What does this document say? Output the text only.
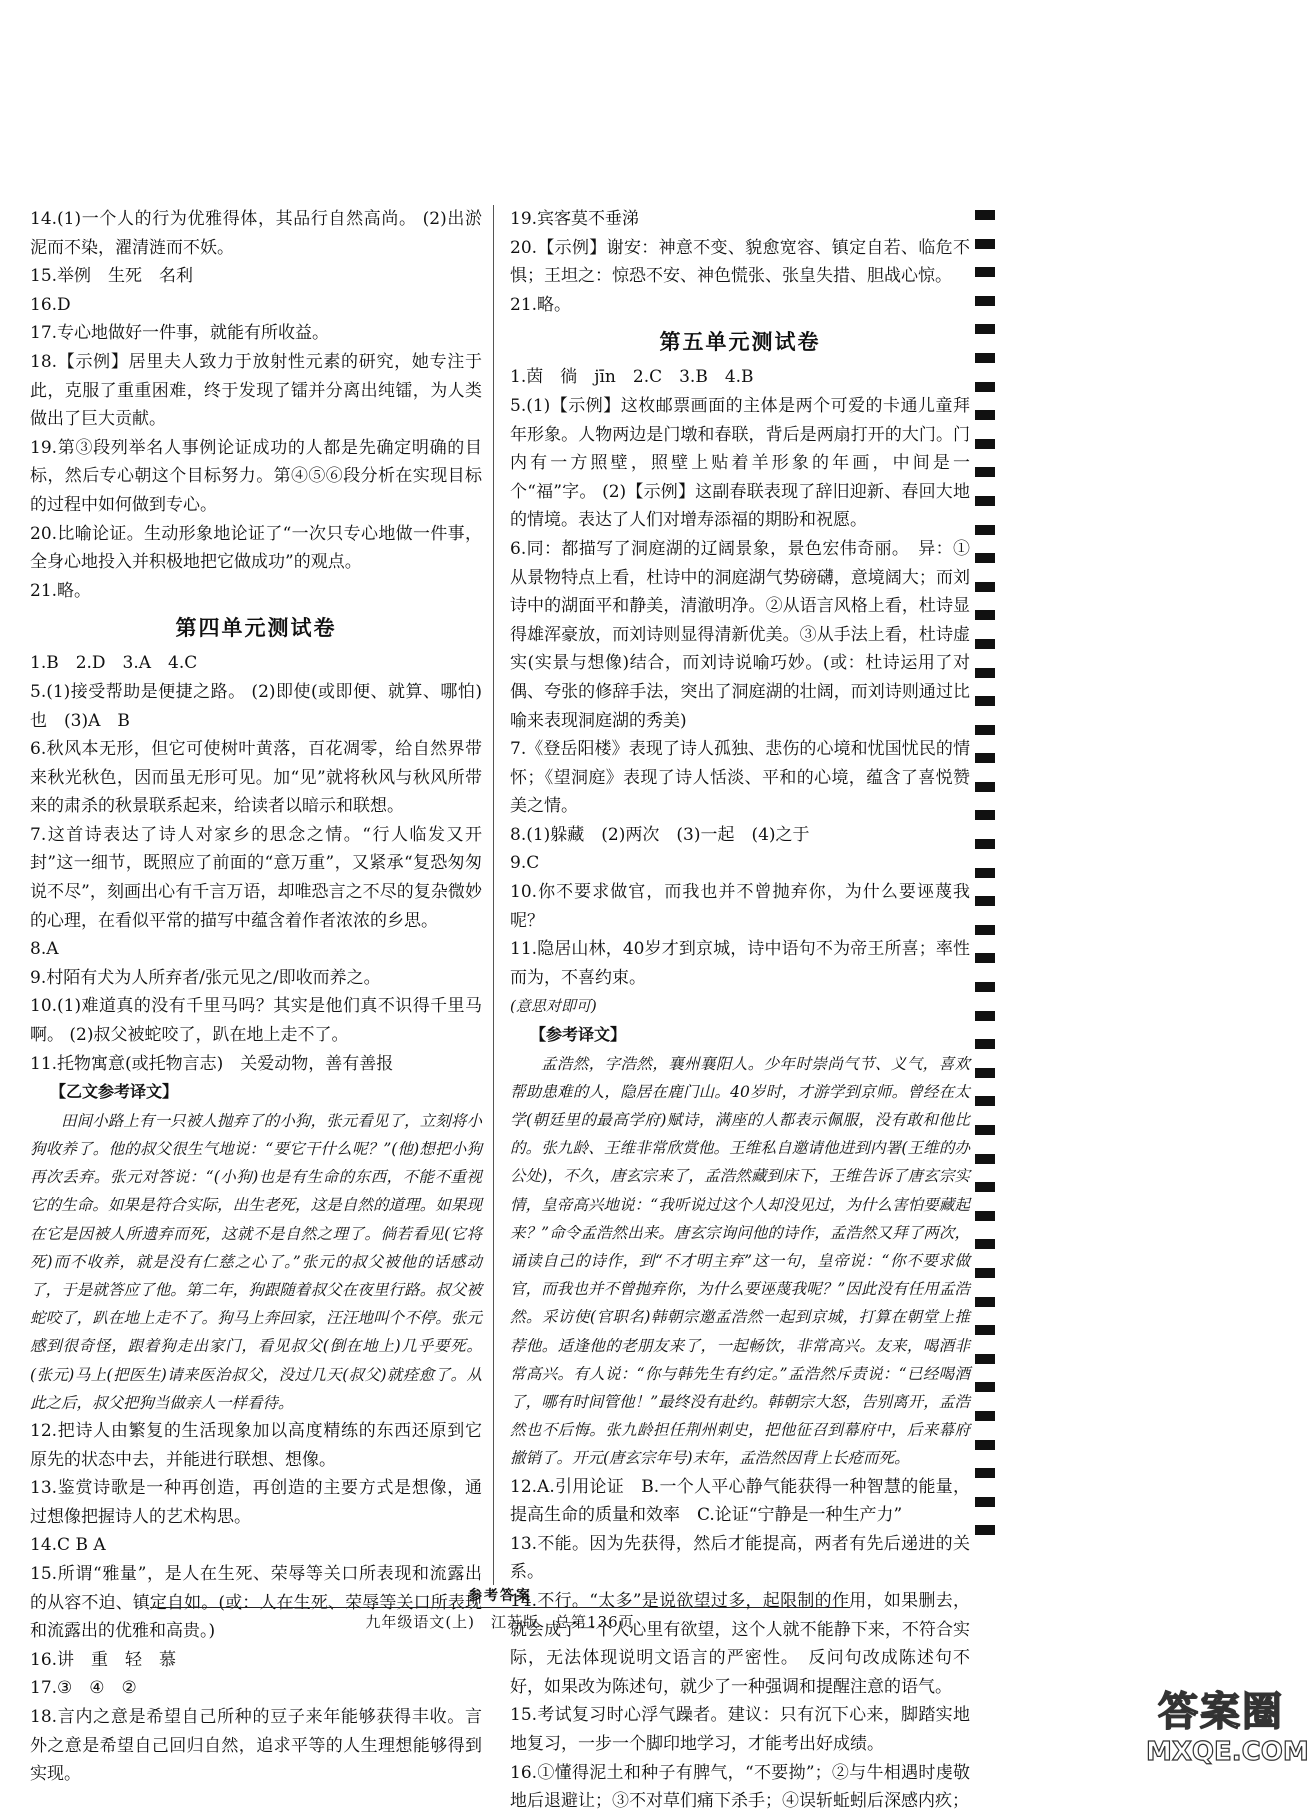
14.(1)一个人的行为优雅得体，其品行自然高尚。 (2)出淤泥而不染，濯清涟而不妖。
15.举例　生死　名利
16.D
17.专心地做好一件事，就能有所收益。
18.【示例】居里夫人致力于放射性元素的研究，她专注于此，克服了重重困难，终于发现了镭并分离出纯镭，为人类做出了巨大贡献。
19.第③段列举名人事例论证成功的人都是先确定明确的目标，然后专心朝这个目标努力。第④⑤⑥段分析在实现目标的过程中如何做到专心。
20.比喻论证。生动形象地论证了“一次只专心地做一件事，全身心地投入并积极地把它做成功”的观点。
21.略。
第四单元测试卷
1.B　2.D　3.A　4.C
5.(1)接受帮助是便捷之路。 (2)即使(或即便、就算、哪怕)也　(3)A　B
6.秋风本无形，但它可使树叶黄落，百花凋零，给自然界带来秋光秋色，因而虽无形可见。加“见”就将秋风与秋风所带来的肃杀的秋景联系起来，给读者以暗示和联想。
7.这首诗表达了诗人对家乡的思念之情。“行人临发又开封”这一细节，既照应了前面的“意万重”，又紧承“复恐匆匆说不尽”，刻画出心有千言万语，却唯恐言之不尽的复杂微妙的心理，在看似平常的描写中蕴含着作者浓浓的乡思。
8.A
9.村陌有犬为人所弃者/张元见之/即收而养之。
10.(1)难道真的没有千里马吗？其实是他们真不识得千里马啊。 (2)叔父被蛇咬了，趴在地上走不了。
11.托物寓意(或托物言志)　关爱动物，善有善报
【乙文参考译文】
田间小路上有一只被人抛弃了的小狗，张元看见了，立刻将小狗收养了。他的叔父很生气地说：“要它干什么呢？”(他)想把小狗再次丢弃。张元对答说：“(小狗)也是有生命的东西，不能不重视它的生命。如果是符合实际，出生老死，这是自然的道理。如果现在它是因被人所遗弃而死，这就不是自然之理了。倘若看见(它将死)而不收养，就是没有仁慈之心了。”张元的叔父被他的话感动了，于是就答应了他。第二年，狗跟随着叔父在夜里行路。叔父被蛇咬了，趴在地上走不了。狗马上奔回家，汪汪地叫个不停。张元感到很奇怪，跟着狗走出家门，看见叔父(倒在地上)几乎要死。(张元)马上(把医生)请来医治叔父，没过几天(叔父)就痊愈了。从此之后，叔父把狗当做亲人一样看待。
12.把诗人由繁复的生活现象加以高度精练的东西还原到它原先的状态中去，并能进行联想、想像。
13.鉴赏诗歌是一种再创造，再创造的主要方式是想像，通过想像把握诗人的艺术构思。
14.C B A
15.所谓“雅量”，是人在生死、荣辱等关口所表现和流露出的从容不迫、镇定自如。(或：人在生死、荣辱等关口所表现和流露出的优雅和高贵。)
16.讲　重　轻　慕
17.③　④　②
18.言内之意是希望自己所种的豆子来年能够获得丰收。言外之意是希望自己回归自然，追求平等的人生理想能够得到实现。
19.宾客莫不垂涕
20.【示例】谢安：神意不变、貌愈宽容、镇定自若、临危不惧；王坦之：惊恐不安、神色慌张、张皇失措、胆战心惊。
21.略。
第五单元测试卷
1.茵　徜　jīn　2.C　3.B　4.B
5.(1)【示例】这枚邮票画面的主体是两个可爱的卡通儿童拜年形象。人物两边是门墩和春联，背后是两扇打开的大门。门内有一方照壁，照壁上贴着羊形象的年画，中间是一个“福”字。 (2)【示例】这副春联表现了辞旧迎新、春回大地的情境。表达了人们对增寿添福的期盼和祝愿。
6.同：都描写了洞庭湖的辽阔景象，景色宏伟奇丽。　异：①从景物特点上看，杜诗中的洞庭湖气势磅礴，意境阔大；而刘诗中的湖面平和静美，清澈明净。②从语言风格上看，杜诗显得雄浑豪放，而刘诗则显得清新优美。③从手法上看，杜诗虚实(实景与想像)结合，而刘诗说喻巧妙。(或：杜诗运用了对偶、夸张的修辞手法，突出了洞庭湖的壮阔，而刘诗则通过比喻来表现洞庭湖的秀美)
7.《登岳阳楼》表现了诗人孤独、悲伤的心境和忧国忧民的情怀；《望洞庭》表现了诗人恬淡、平和的心境，蕴含了喜悦赞美之情。
8.(1)躲藏　(2)两次　(3)一起　(4)之于
9.C
10.你不要求做官，而我也并不曾抛弃你，为什么要诬蔑我呢？
11.隐居山林，40岁才到京城，诗中语句不为帝王所喜；率性而为，不喜约束。
(意思对即可)
【参考译文】
孟浩然，字浩然，襄州襄阳人。少年时崇尚气节、义气，喜欢帮助患难的人，隐居在鹿门山。40岁时，才游学到京师。曾经在太学(朝廷里的最高学府)赋诗，满座的人都表示佩服，没有敢和他比的。张九龄、王维非常欣赏他。王维私自邀请他进到内署(王维的办公处)，不久，唐玄宗来了，孟浩然藏到床下，王维告诉了唐玄宗实情，皇帝高兴地说：“我听说过这个人却没见过，为什么害怕要藏起来？”命令孟浩然出来。唐玄宗询问他的诗作，孟浩然又拜了两次，诵读自己的诗作，到“不才明主弃”这一句，皇帝说：“你不要求做官，而我也并不曾抛弃你，为什么要诬蔑我呢？”因此没有任用孟浩然。采访使(官职名)韩朝宗邀孟浩然一起到京城，打算在朝堂上推荐他。适逢他的老朋友来了，一起畅饮，非常高兴。友来，喝酒非常高兴。有人说：“你与韩先生有约定。”孟浩然斥责说：“已经喝酒了，哪有时间管他！”最终没有赴约。韩朝宗大怒，告别离开，孟浩然也不后悔。张九龄担任荆州刺史，把他征召到幕府中，后来幕府撤销了。开元(唐玄宗年号)末年，孟浩然因背上长疮而死。
12.A.引用论证　B.一个人平心静气能获得一种智慧的能量，提高生命的质量和效率　C.论证“宁静是一种生产力”
13.不能。因为先获得，然后才能提高，两者有先后递进的关系。
14.不行。“太多”是说欲望过多，起限制的作用，如果删去，就会成了一个人心里有欲望，这个人就不能静下来，不符合实际，无法体现说明文语言的严密性。　反问句改成陈述句不好，如果改为陈述句，就少了一种强调和提醒注意的语气。
15.考试复习时心浮气躁者。建议：只有沉下心来，脚踏实地地复习，一步一个脚印地学习，才能考出好成绩。
16.①懂得泥土和种子有脾气，“不要拗”；②与牛相遇时虔敬地后退避让；③不对草们痛下杀手；④误斩蚯蚓后深感内疚；
参考答案
九年级语文(上)　江苏版　总第136页
答案圈
MXQE.COM
